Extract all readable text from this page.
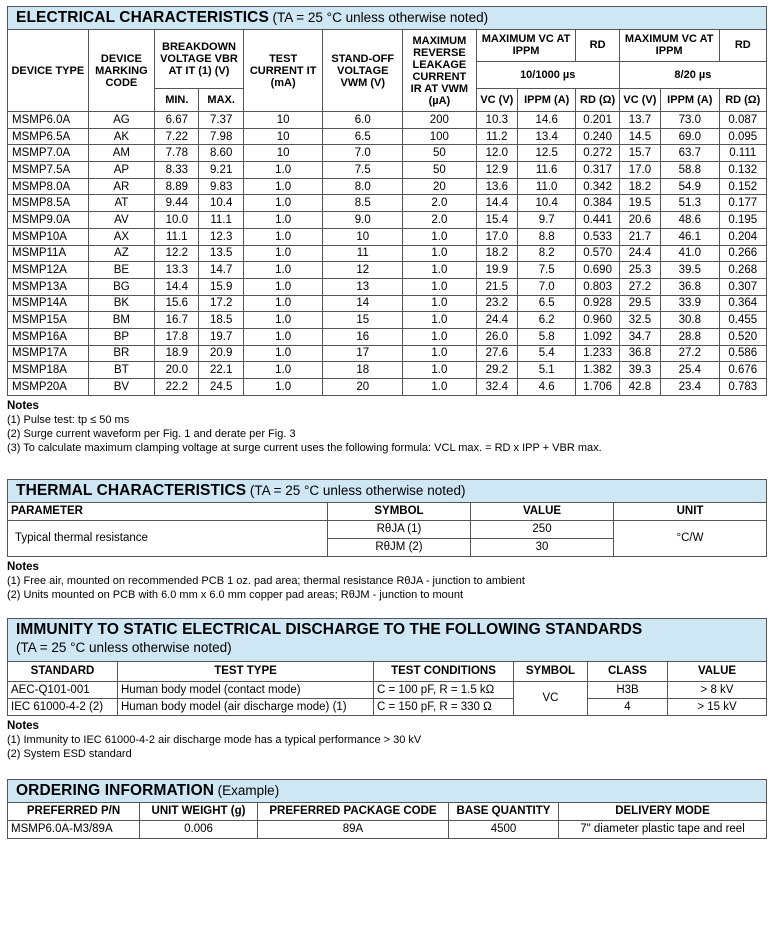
ELECTRICAL CHARACTERISTICS (TA = 25 °C unless otherwise noted)
DEVICE TYPE	DEVICE MARKING CODE	BREAKDOWN VOLTAGE VBR AT IT (1) (V)		TEST CURRENT IT (mA)	STAND-OFF VOLTAGE VWM (V)	MAXIMUM REVERSE LEAKAGE CURRENT IR AT VWM (µA)	MAXIMUM VC AT IPPM		RD	MAXIMUM VC AT IPPM		RD
							10/1000 µs			8/20 µs		
		MIN.	MAX.				VC (V)	IPPM (A)	RD (Ω)	VC (V)	IPPM (A)	RD (Ω)
MSMP6.0A	AG	6.67	7.37	10	6.0	200	10.3	14.6	0.201	13.7	73.0	0.087
MSMP6.5A	AK	7.22	7.98	10	6.5	100	11.2	13.4	0.240	14.5	69.0	0.095
MSMP7.0A	AM	7.78	8.60	10	7.0	50	12.0	12.5	0.272	15.7	63.7	0.111
MSMP7.5A	AP	8.33	9.21	1.0	7.5	50	12.9	11.6	0.317	17.0	58.8	0.132
MSMP8.0A	AR	8.89	9.83	1.0	8.0	20	13.6	11.0	0.342	18.2	54.9	0.152
MSMP8.5A	AT	9.44	10.4	1.0	8.5	2.0	14.4	10.4	0.384	19.5	51.3	0.177
MSMP9.0A	AV	10.0	11.1	1.0	9.0	2.0	15.4	9.7	0.441	20.6	48.6	0.195
MSMP10A	AX	11.1	12.3	1.0	10	1.0	17.0	8.8	0.533	21.7	46.1	0.204
MSMP11A	AZ	12.2	13.5	1.0	11	1.0	18.2	8.2	0.570	24.4	41.0	0.266
MSMP12A	BE	13.3	14.7	1.0	12	1.0	19.9	7.5	0.690	25.3	39.5	0.268
MSMP13A	BG	14.4	15.9	1.0	13	1.0	21.5	7.0	0.803	27.2	36.8	0.307
MSMP14A	BK	15.6	17.2	1.0	14	1.0	23.2	6.5	0.928	29.5	33.9	0.364
MSMP15A	BM	16.7	18.5	1.0	15	1.0	24.4	6.2	0.960	32.5	30.8	0.455
MSMP16A	BP	17.8	19.7	1.0	16	1.0	26.0	5.8	1.092	34.7	28.8	0.520
MSMP17A	BR	18.9	20.9	1.0	17	1.0	27.6	5.4	1.233	36.8	27.2	0.586
MSMP18A	BT	20.0	22.1	1.0	18	1.0	29.2	5.1	1.382	39.3	25.4	0.676
MSMP20A	BV	22.2	24.5	1.0	20	1.0	32.4	4.6	1.706	42.8	23.4	0.783
Notes
(1) Pulse test: tp ≤ 50 ms
(2) Surge current waveform per Fig. 1 and derate per Fig. 3
(3) To calculate maximum clamping voltage at surge current uses the following formula: VCL max. = RD x IPP + VBR max.
THERMAL CHARACTERISTICS (TA = 25 °C unless otherwise noted)
PARAMETER	SYMBOL	VALUE	UNIT
Typical thermal resistance	RθJA (1)	250	°C/W
	RθJM (2)	30	
Notes
(1) Free air, mounted on recommended PCB 1 oz. pad area; thermal resistance RθJA - junction to ambient
(2) Units mounted on PCB with 6.0 mm x 6.0 mm copper pad areas; RθJM - junction to mount
IMMUNITY TO STATIC ELECTRICAL DISCHARGE TO THE FOLLOWING STANDARDS
(TA = 25 °C unless otherwise noted)
STANDARD	TEST TYPE	TEST CONDITIONS	SYMBOL	CLASS	VALUE
AEC-Q101-001	Human body model (contact mode)	C = 100 pF, R = 1.5 kΩ	VC	H3B	> 8 kV
IEC 61000-4-2 (2)	Human body model (air discharge mode) (1)	C = 150 pF, R = 330 Ω		4	> 15 kV
Notes
(1) Immunity to IEC 61000-4-2 air discharge mode has a typical performance > 30 kV
(2) System ESD standard
ORDERING INFORMATION (Example)
PREFERRED P/N	UNIT WEIGHT (g)	PREFERRED PACKAGE CODE	BASE QUANTITY	DELIVERY MODE
MSMP6.0A-M3/89A	0.006	89A	4500	7" diameter plastic tape and reel
